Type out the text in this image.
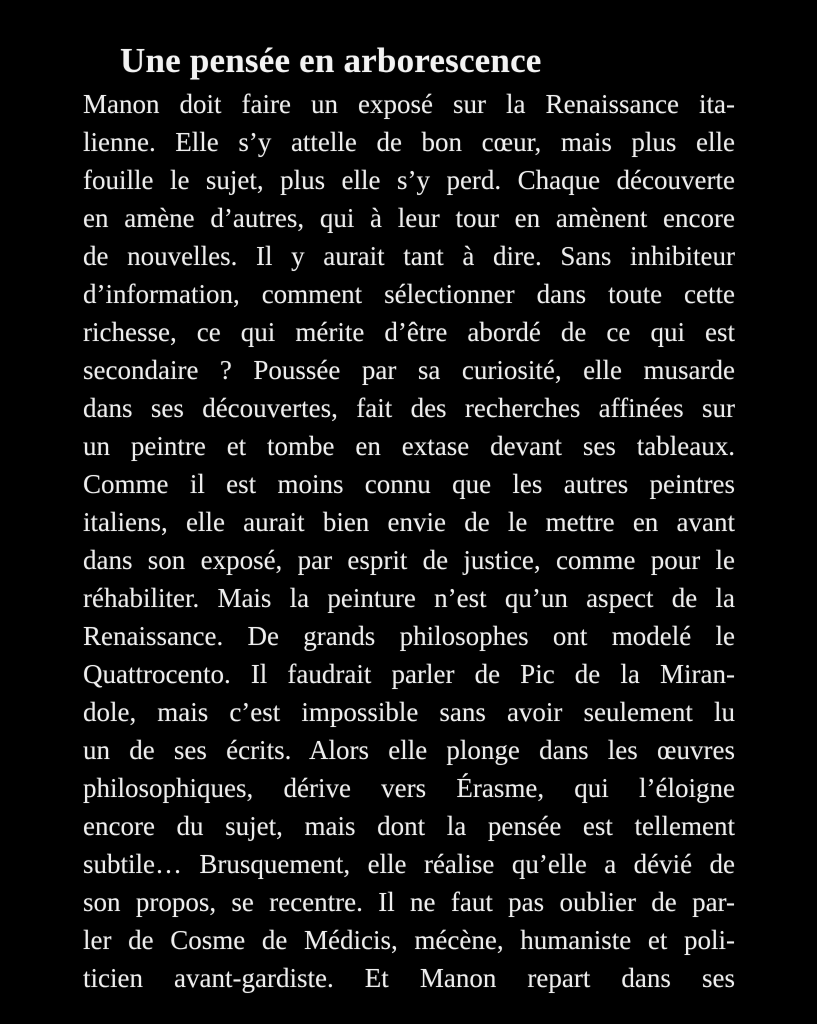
Une pensée en arborescence
Manon doit faire un exposé sur la Renaissance ita-
lienne. Elle s’y attelle de bon cœur, mais plus elle
fouille le sujet, plus elle s’y perd. Chaque découverte
en amène d’autres, qui à leur tour en amènent encore
de nouvelles. Il y aurait tant à dire. Sans inhibiteur
d’information, comment sélectionner dans toute cette
richesse, ce qui mérite d’être abordé de ce qui est
secondaire ? Poussée par sa curiosité, elle musarde
dans ses découvertes, fait des recherches affinées sur
un peintre et tombe en extase devant ses tableaux.
Comme il est moins connu que les autres peintres
italiens, elle aurait bien envie de le mettre en avant
dans son exposé, par esprit de justice, comme pour le
réhabiliter. Mais la peinture n’est qu’un aspect de la
Renaissance. De grands philosophes ont modelé le
Quattrocento. Il faudrait parler de Pic de la Miran-
dole, mais c’est impossible sans avoir seulement lu
un de ses écrits. Alors elle plonge dans les œuvres
philosophiques, dérive vers Érasme, qui l’éloigne
encore du sujet, mais dont la pensée est tellement
subtile… Brusquement, elle réalise qu’elle a dévié de
son propos, se recentre. Il ne faut pas oublier de par-
ler de Cosme de Médicis, mécène, humaniste et poli-
ticien avant-gardiste. Et Manon repart dans ses
